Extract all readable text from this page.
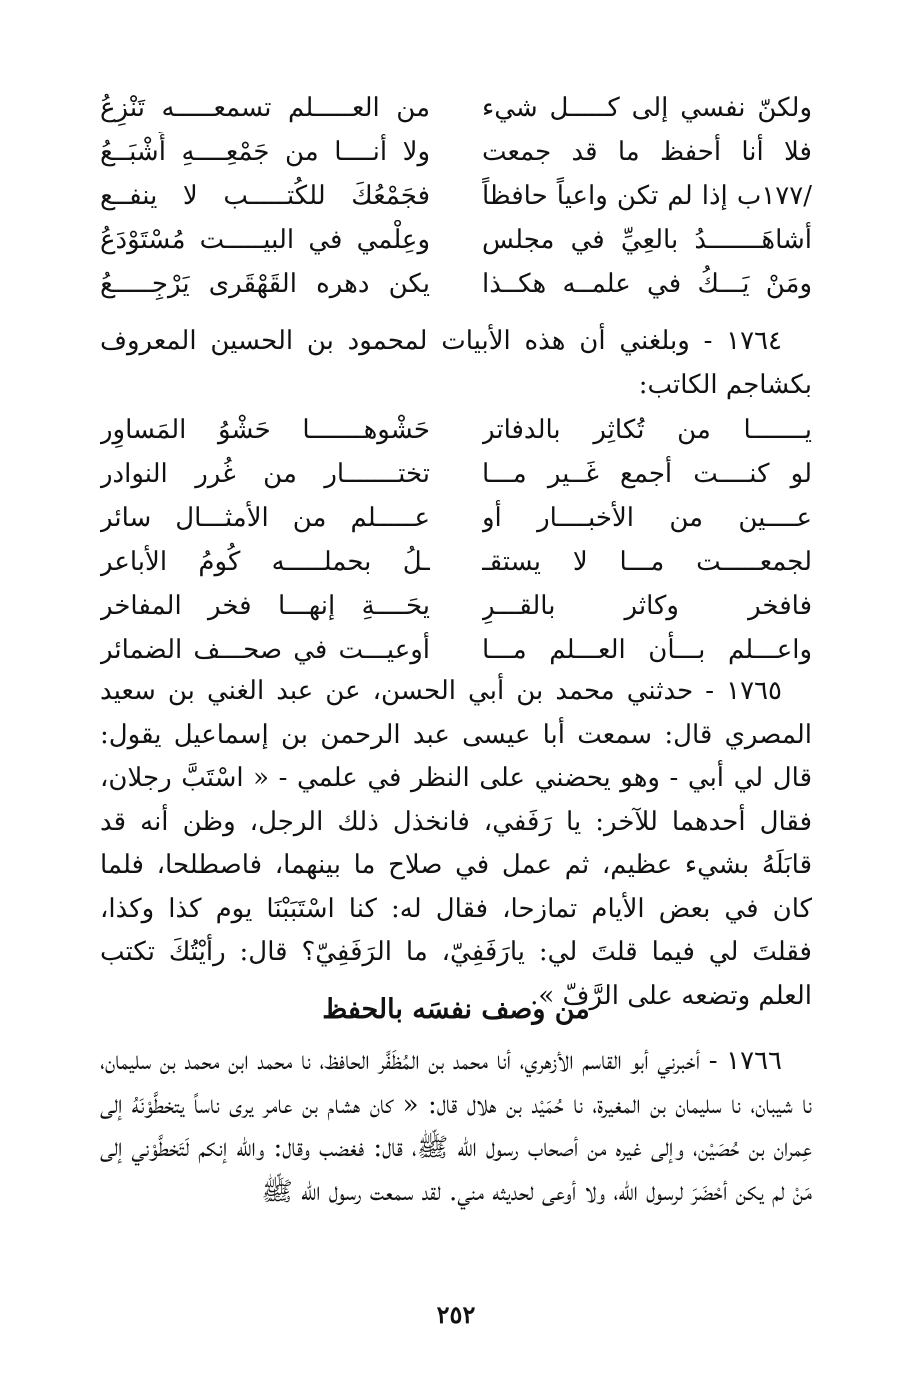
ولكنّ نفسي إلى كـــــل شيء
من العـــــلم تسمعـــــه تَنْزِعُ
فلا أنا أحفظ ما قد جمعت
ولا أنــــا من جَمْعِــــهِ أَشْبَــعُ
/١٧٧ب إذا لم تكن واعياً حافظاً
فجَمْعُكَ للكُتـــــب لا ينفــع
أشاهَـــــــدُ بالعِيِّ في مجلس
وعِلْمي في البيـــــت مُسْتَوْدَعُ
ومَنْ يَـــكُ في علمــه هكــذا
يكن دهره القَهْقَرى يَرْجِـــــعُ

١٧٦٤ - وبلغني أن هذه الأبيات لمحمود بن الحسين المعروف بكشاجم الكاتب:

يـــــــا من تُكاثِر بالدفاتر
حَشْوهـــــــا حَشْوُ المَساوِر
لو كنــــت أجمع غَــير مـــا
تختـــــــار من غُرر النوادر
عــــين من الأخبــــار أو
عـــــلم من الأمثـــال سائر
لجمعـــــت مـــا لا يستقـ
ـلُ بحملـــــه كُومُ الأباعر
فافخر وكاثر بالقـــرِ
يحَــــةِ إنهـــا فخر المفاخر
واعـــلم بـــأن العـــلم مـــا
أوعيـــت في صحـــف الضمائر

١٧٦٥ - حدثني محمد بن أبي الحسن، عن عبد الغني بن سعيد المصري قال: سمعت أبا عيسى عبد الرحمن بن إسماعيل يقول: قال لي أبي - وهو يحضني على النظر في علمي - « اسْتَبَّ رجلان، فقال أحدهما للآخر: يا رَفَفي، فانخذل ذلك الرجل، وظن أنه قد قابَلَهُ بشيء عظيم، ثم عمل في صلاح ما بينهما، فاصطلحا، فلما كان في بعض الأيام تمازحا، فقال له: كنا اسْتَبَبْنَا يوم كذا وكذا، فقلتَ لي فيما قلتَ لي: يارَفَفِيّ، ما الرَفَفِيّ؟ قال: رأيْتُكَ تكتب العلم وتضعه على الرَّفّ ».

من وصف نفسَه بالحفظ

١٧٦٦ - أخبرني أبو القاسم الأزهري، أنا محمد بن المُظَفَّر الحافظ، نا محمد ابن محمد بن سليمان، نا شيبان، نا سليمان بن المغيرة، نا حُمَيْد بن هلال قال: « كان هشام بن عامر يرى ناساً يتخطَّوْنَهُ إلى عِمران بن حُصَيْن، وإلى غيره من أصحاب رسول الله ﷺ، قال: فغضب وقال: والله إنكم لَتَخطَّوْني إلى مَنْ لم يكن أحْضَرَ لرسول الله، ولا أوعى لحديثه مني. لقد سمعت رسول الله ﷺ

٢٥٢
